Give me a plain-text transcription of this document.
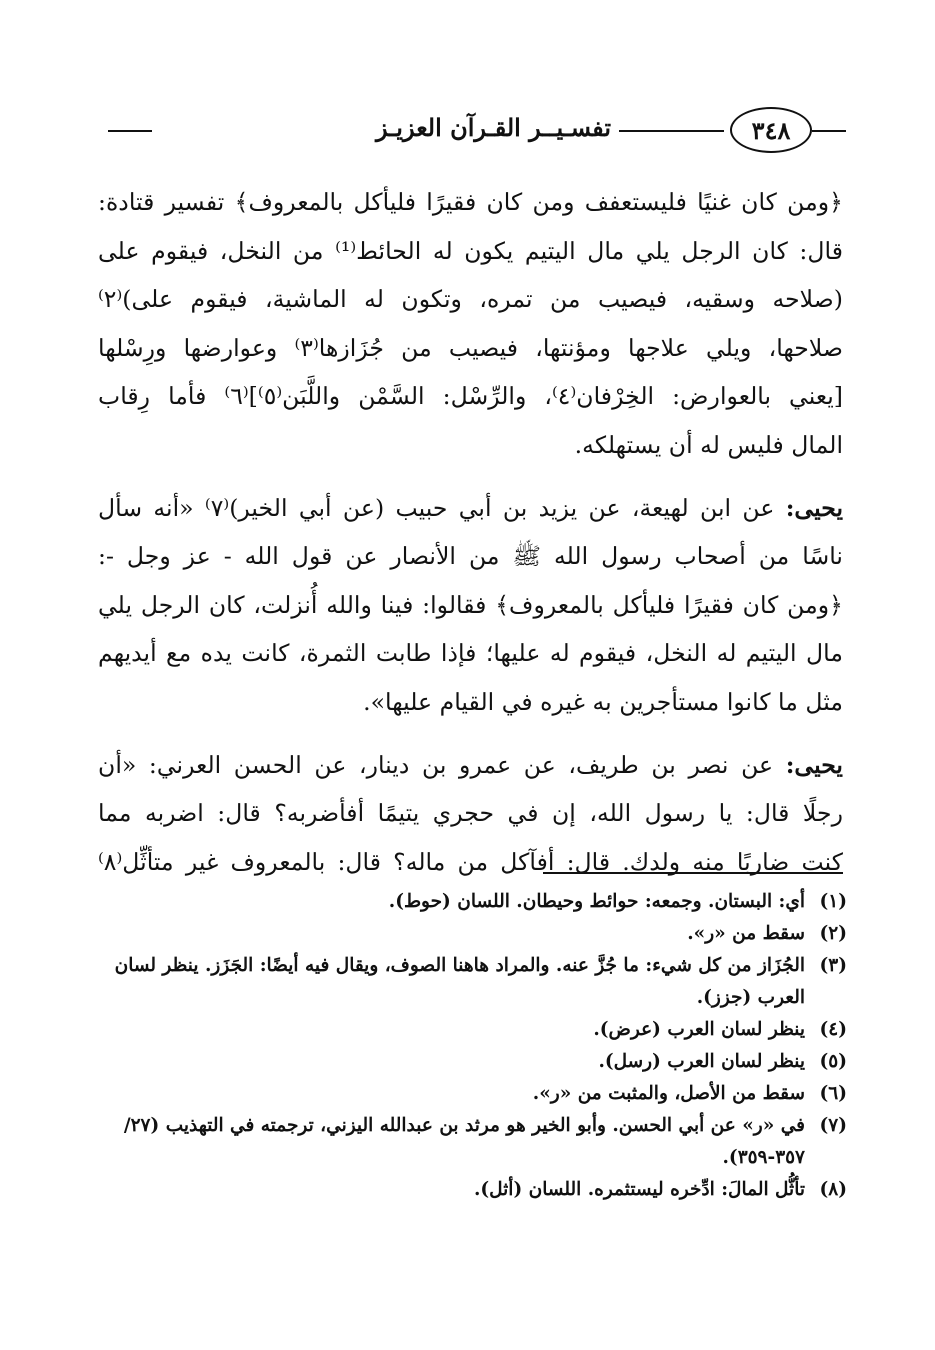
٣٤٨
تفسـيــر القـرآن العزيـز
﴿ومن كان غنيًا فليستعفف ومن كان فقيرًا فليأكل بالمعروف﴾ تفسير قتادة:
قال: كان الرجل يلي مال اليتيم يكون له الحائط⁽¹⁾ من النخل، فيقوم على
(صلاحه وسقيه، فيصيب من تمره، وتكون له الماشية، فيقوم على)⁽٢⁾
صلاحها، ويلي علاجها ومؤنتها، فيصيب من جُزَازها⁽٣⁾ وعوارضها ورِسْلها
[يعني بالعوارض: الخِرْفان⁽٤⁾، والرِّسْل: السَّمْن واللَّبَن⁽٥⁾]⁽٦⁾ فأما رِقاب
المال فليس له أن يستهلكه.
يحيى: عن ابن لهيعة، عن يزيد بن أبي حبيب (عن أبي الخير)⁽٧⁾ «أنه سأل
ناسًا من أصحاب رسول الله ﷺ من الأنصار عن قول الله - عز وجل -:
﴿ومن كان فقيرًا فليأكل بالمعروف﴾ فقالوا: فينا والله أُنزلت، كان الرجل يلي
مال اليتيم له النخل، فيقوم له عليها؛ فإذا طابت الثمرة، كانت يده مع أيديهم
مثل ما كانوا مستأجرين به غيره في القيام عليها».
يحيى: عن نصر بن طريف، عن عمرو بن دينار، عن الحسن العرني: «أن
رجلًا قال: يا رسول الله، إن في حجري يتيمًا أفأضربه؟ قال: اضربه مما
كنت ضاربًا منه ولدك. قال: أفآكل من ماله؟ قال: بالمعروف غير متأثِّل⁽٨⁾
(١)
أي: البستان. وجمعه: حوائط وحيطان. اللسان (حوط).
(٢)
سقط من «ر».
(٣)
الجُزَاز من كل شيء: ما جُزَّ عنه. والمراد هاهنا الصوف، ويقال فيه أيضًا: الجَزَز. ينظر لسان العرب (جزز).
(٤)
ينظر لسان العرب (عرض).
(٥)
ينظر لسان العرب (رسل).
(٦)
سقط من الأصل، والمثبت من «ر».
(٧)
في «ر» عن أبي الحسن. وأبو الخير هو مرثد بن عبدالله اليزني، ترجمته في التهذيب (٢٧/ ٣٥٧-٣٥٩).
(٨)
تأثُّل المالَ: ادِّخره ليستثمره. اللسان (أثل).
